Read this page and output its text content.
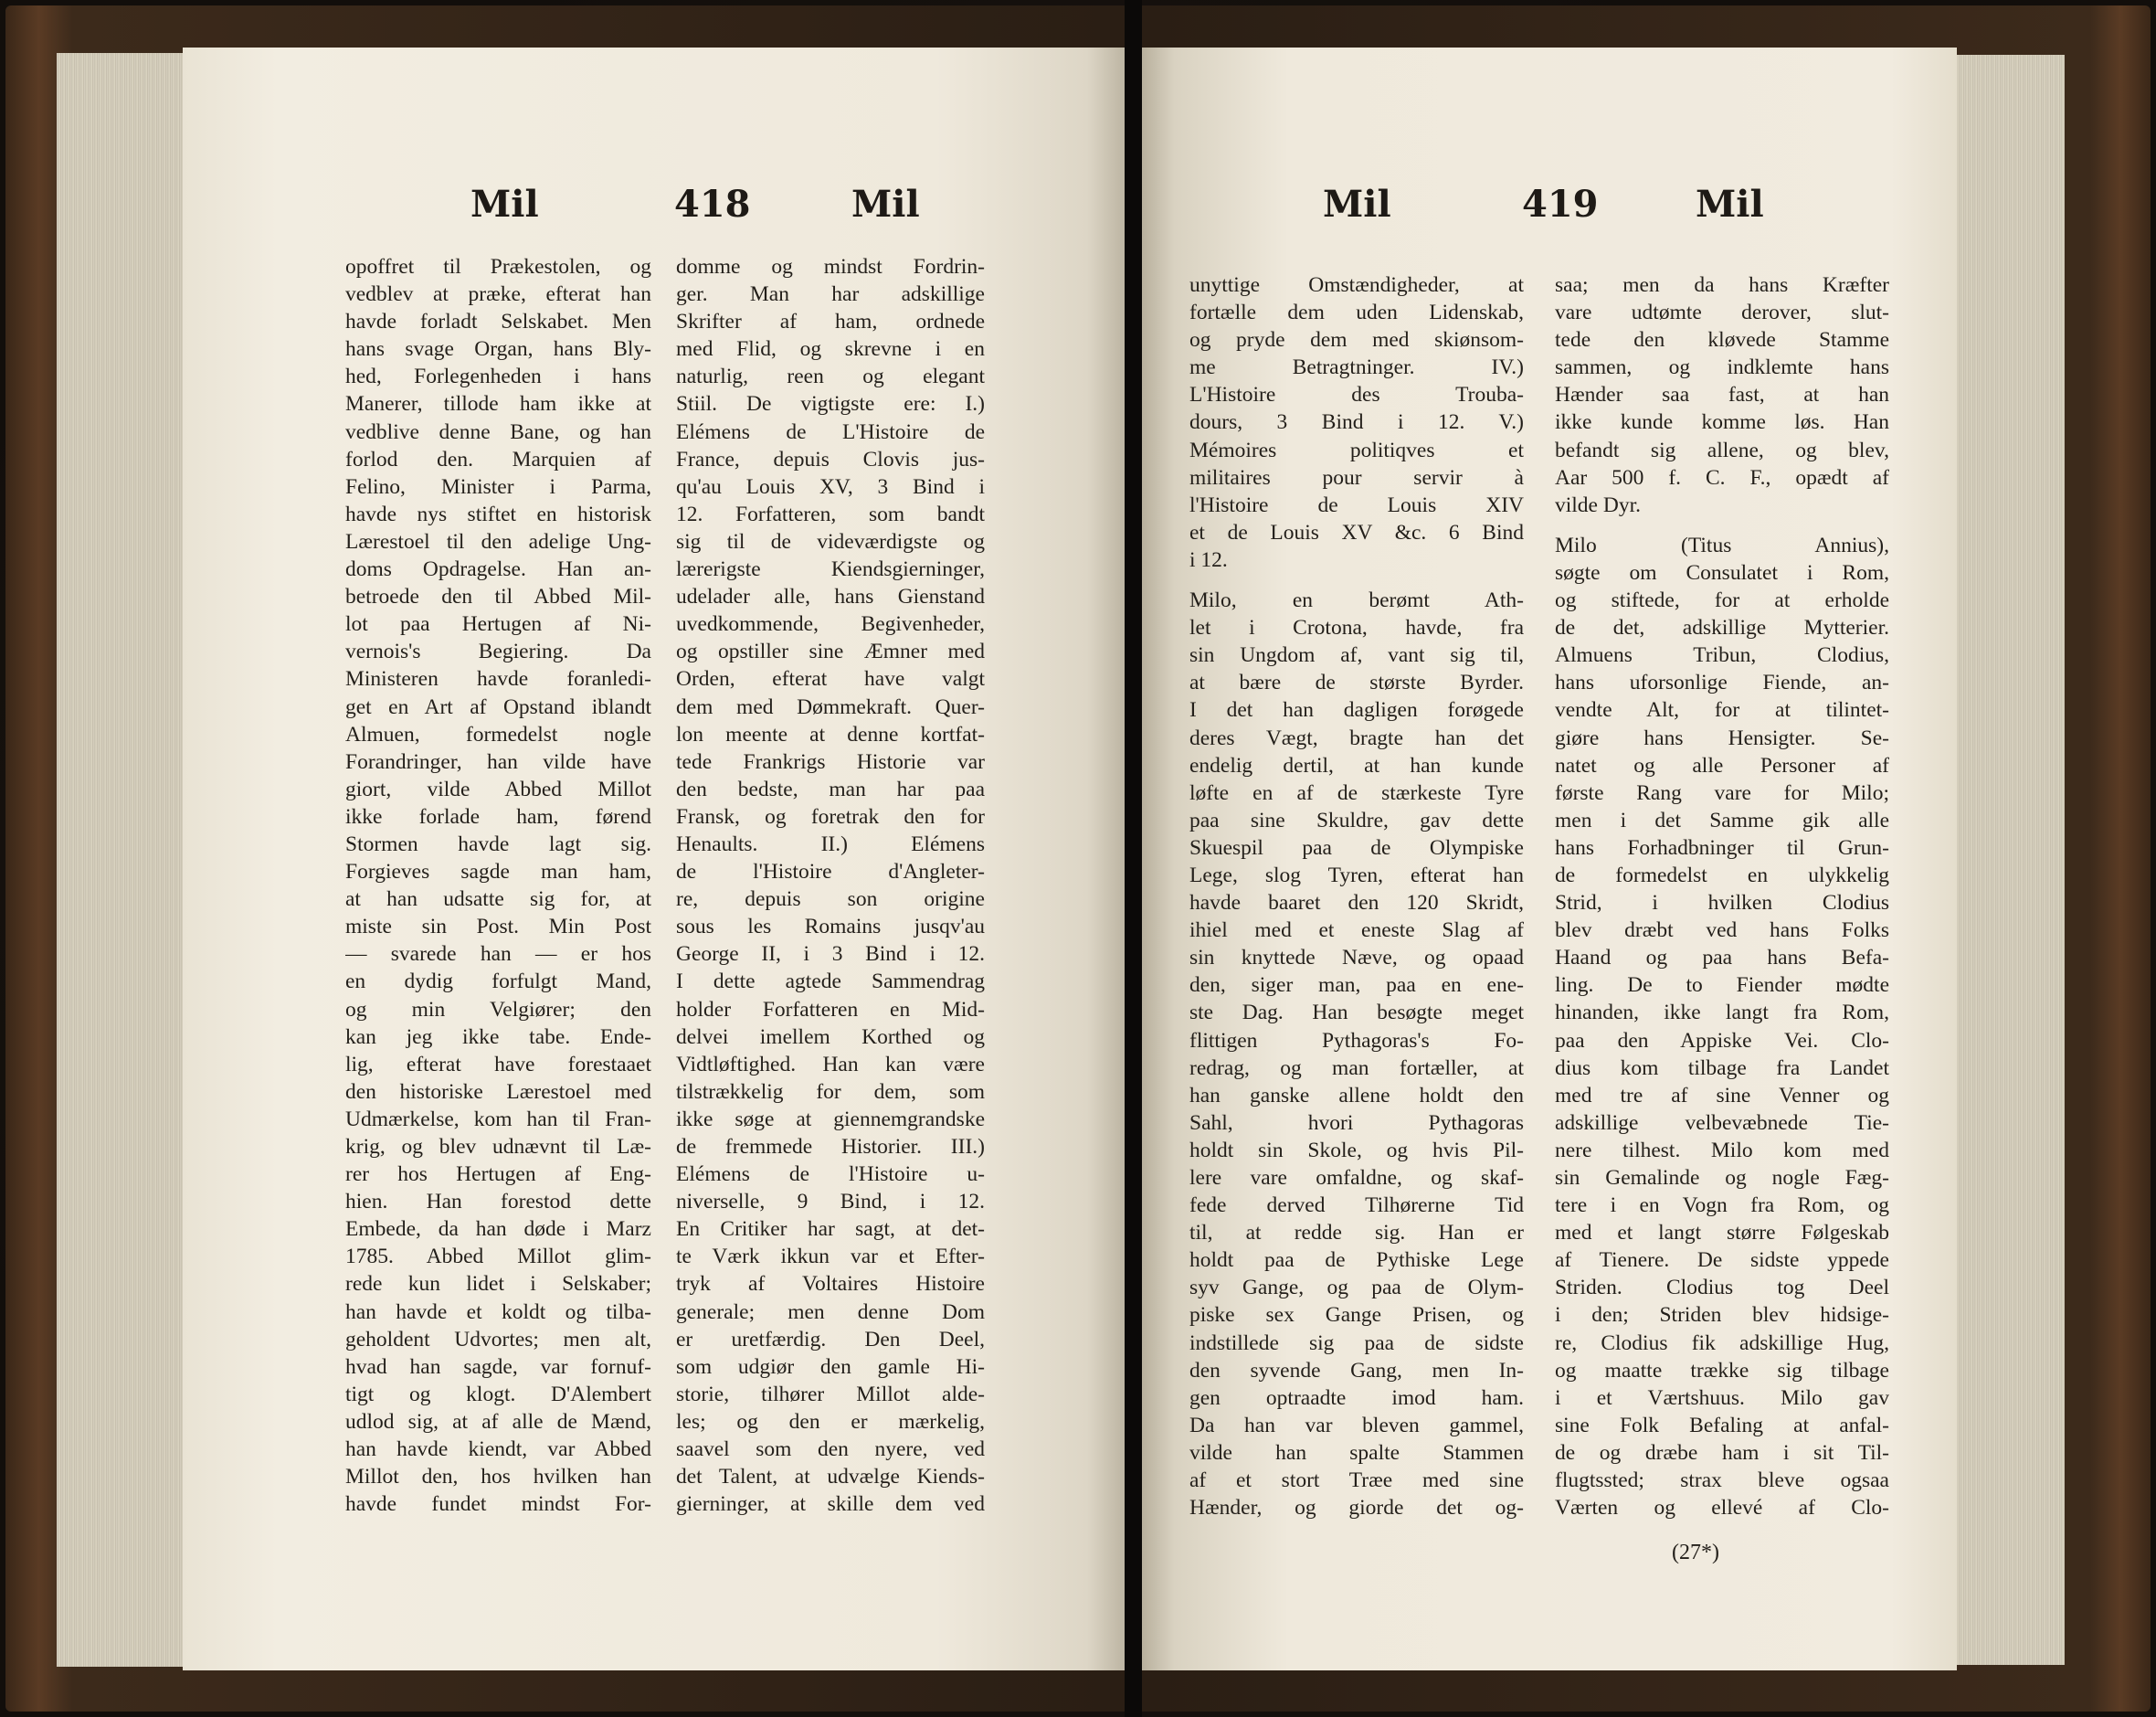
Mil	418	Mil
opoffret til Prækestolen, og
vedblev at præke, efterat han
havde forladt Selskabet. Men
hans svage Organ, hans Bly-
hed, Forlegenheden i hans
Manerer, tillode ham ikke at
vedblive denne Bane, og han
forlod den. Marquien af
Felino, Minister i Parma,
havde nys stiftet en historisk
Lærestoel til den adelige Ung-
doms Opdragelse. Han an-
betroede den til Abbed Mil-
lot paa Hertugen af Ni-
vernois's Begiering. Da
Ministeren havde foranledi-
get en Art af Opstand iblandt
Almuen, formedelst nogle
Forandringer, han vilde have
giort, vilde Abbed Millot
ikke forlade ham, førend
Stormen havde lagt sig.
Forgieves sagde man ham,
at han udsatte sig for, at
miste sin Post. Min Post
— svarede han — er hos
en dydig forfulgt Mand,
og min Velgiører; den
kan jeg ikke tabe. Ende-
lig, efterat have forestaaet
den historiske Lærestoel med
Udmærkelse, kom han til Fran-
krig, og blev udnævnt til Læ-
rer hos Hertugen af Eng-
hien. Han forestod dette
Embede, da han døde i Marz
1785. Abbed Millot glim-
rede kun lidet i Selskaber;
han havde et koldt og tilba-
geholdent Udvortes; men alt,
hvad han sagde, var fornuf-
tigt og klogt. D'Alembert
udlod sig, at af alle de Mænd,
han havde kiendt, var Abbed
Millot den, hos hvilken han
havde fundet mindst For-
domme og mindst Fordrin-
ger. Man har adskillige
Skrifter af ham, ordnede
med Flid, og skrevne i en
naturlig, reen og elegant
Stiil. De vigtigste ere: I.)
Elémens de L'Histoire de
France, depuis Clovis jus-
qu'au Louis XV, 3 Bind i
12. Forfatteren, som bandt
sig til de videværdigste og
lærerigste Kiendsgierninger,
udelader alle, hans Gienstand
uvedkommende, Begivenheder,
og opstiller sine Æmner med
Orden, efterat have valgt
dem med Dømmekraft. Quer-
lon meente at denne kortfat-
tede Frankrigs Historie var
den bedste, man har paa
Fransk, og foretrak den for
Henaults. II.) Elémens
de l'Histoire d'Angleter-
re, depuis son origine
sous les Romains jusqv'au
George II, i 3 Bind i 12.
I dette agtede Sammendrag
holder Forfatteren en Mid-
delvei imellem Korthed og
Vidtløftighed. Han kan være
tilstrækkelig for dem, som
ikke søge at giennemgrandske
de fremmede Historier. III.)
Elémens de l'Histoire u-
niverselle, 9 Bind, i 12.
En Critiker har sagt, at det-
te Værk ikkun var et Efter-
tryk af Voltaires Histoire
generale; men denne Dom
er uretfærdig. Den Deel,
som udgiør den gamle Hi-
storie, tilhører Millot alde-
les; og den er mærkelig,
saavel som den nyere, ved
det Talent, at udvælge Kiends-
gierninger, at skille dem ved
Mil	419	Mil
unyttige Omstændigheder, at
fortælle dem uden Lidenskab,
og pryde dem med skiønsom-
me Betragtninger. IV.)
L'Histoire des Trouba-
dours, 3 Bind i 12. V.)
Mémoires politiqves et
militaires pour servir à
l'Histoire de Louis XIV
et de Louis XV &c. 6 Bind
i 12.
Milo, en berømt Ath-
let i Crotona, havde, fra
sin Ungdom af, vant sig til,
at bære de største Byrder.
I det han dagligen forøgede
deres Vægt, bragte han det
endelig dertil, at han kunde
løfte en af de stærkeste Tyre
paa sine Skuldre, gav dette
Skuespil paa de Olympiske
Lege, slog Tyren, efterat han
havde baaret den 120 Skridt,
ihiel med et eneste Slag af
sin knyttede Næve, og opaad
den, siger man, paa en ene-
ste Dag. Han besøgte meget
flittigen Pythagoras's Fo-
redrag, og man fortæller, at
han ganske allene holdt den
Sahl, hvori Pythagoras
holdt sin Skole, og hvis Pil-
lere vare omfaldne, og skaf-
fede derved Tilhørerne Tid
til, at redde sig. Han er
holdt paa de Pythiske Lege
syv Gange, og paa de Olym-
piske sex Gange Prisen, og
indstillede sig paa de sidste
den syvende Gang, men In-
gen optraadte imod ham.
Da han var bleven gammel,
vilde han spalte Stammen
af et stort Træe med sine
Hænder, og giorde det og-
saa; men da hans Kræfter
vare udtømte derover, slut-
tede den kløvede Stamme
sammen, og indklemte hans
Hænder saa fast, at han
ikke kunde komme løs. Han
befandt sig allene, og blev,
Aar 500 f. C. F., opædt af
vilde Dyr.
Milo (Titus Annius),
søgte om Consulatet i Rom,
og stiftede, for at erholde
de det, adskillige Mytterier.
Almuens Tribun, Clodius,
hans uforsonlige Fiende, an-
vendte Alt, for at tilintet-
giøre hans Hensigter. Se-
natet og alle Personer af
første Rang vare for Milo;
men i det Samme gik alle
hans Forhadbninger til Grun-
de formedelst en ulykkelig
Strid, i hvilken Clodius
blev dræbt ved hans Folks
Haand og paa hans Befa-
ling. De to Fiender mødte
hinanden, ikke langt fra Rom,
paa den Appiske Vei. Clo-
dius kom tilbage fra Landet
med tre af sine Venner og
adskillige velbevæbnede Tie-
nere tilhest. Milo kom med
sin Gemalinde og nogle Fæg-
tere i en Vogn fra Rom, og
med et langt større Følgeskab
af Tienere. De sidste yppede
Striden. Clodius tog Deel
i den; Striden blev hidsige-
re, Clodius fik adskillige Hug,
og maatte trække sig tilbage
i et Værtshuus. Milo gav
sine Folk Befaling at anfal-
de og dræbe ham i sit Til-
flugtssted; strax bleve ogsaa
Værten og ellevé af Clo-
(27*)
